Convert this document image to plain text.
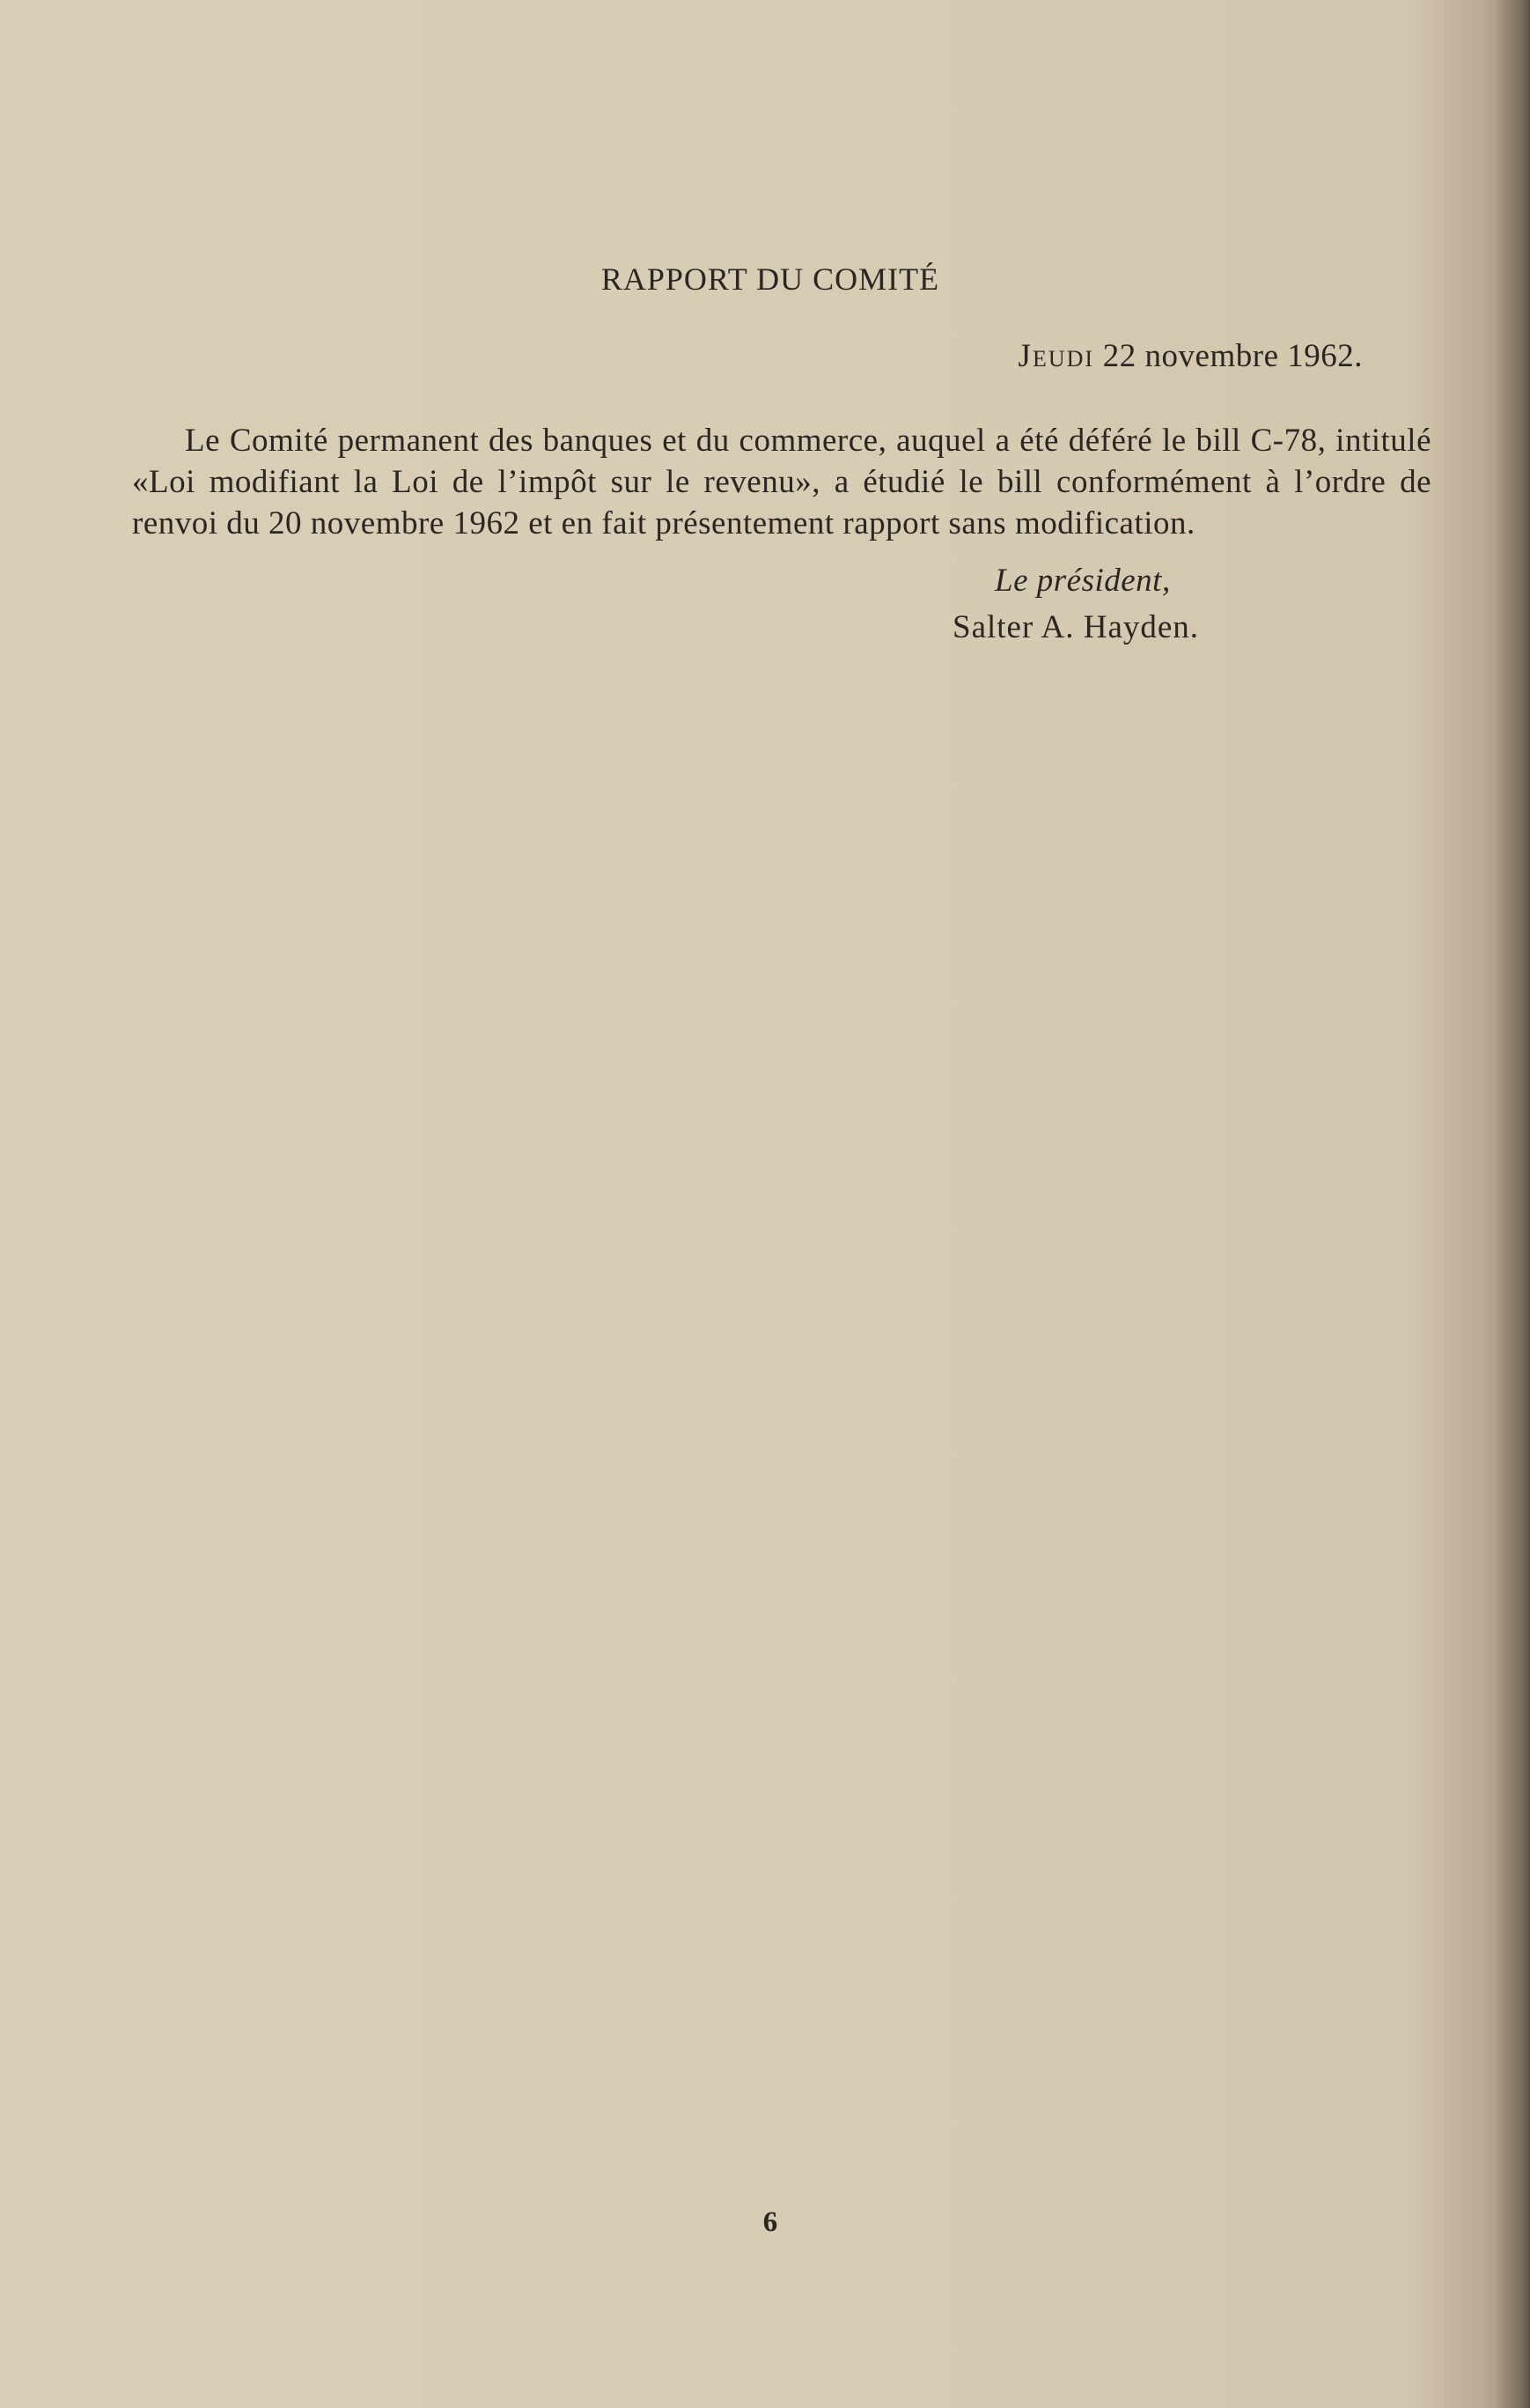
RAPPORT DU COMITÉ
Jeudi 22 novembre 1962.

Le Comité permanent des banques et du commerce, auquel a été déféré le bill C-78, intitulé «Loi modifiant la Loi de l’impôt sur le revenu», a étudié le bill conformément à l’ordre de renvoi du 20 novembre 1962 et en fait présentement rapport sans modification.

Le président,
Salter A. Hayden.
6
